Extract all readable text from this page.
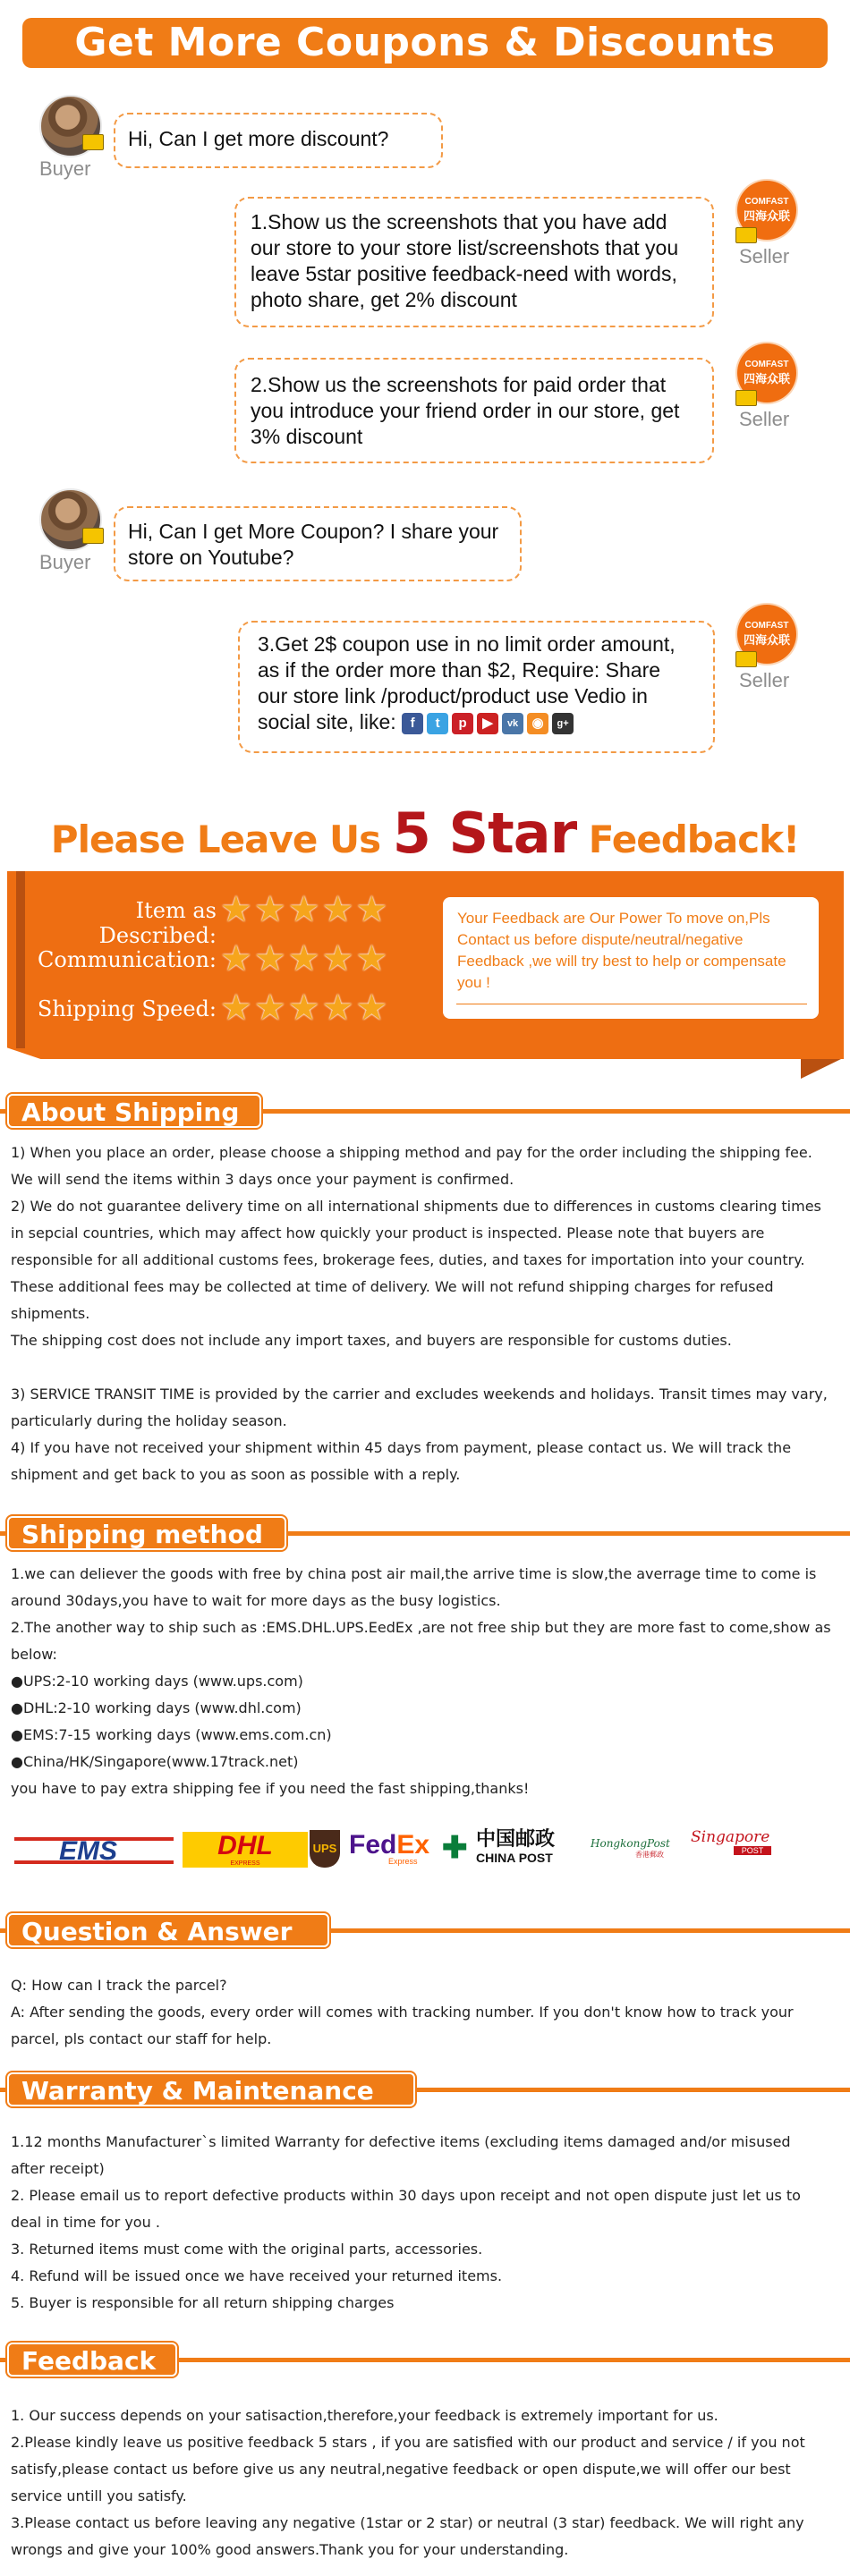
Get More Coupons & Discounts
Buyer
Hi, Can I get more discount?
1.Show us the screenshots that you have add our store to your store list/screenshots that you leave 5star positive feedback-need with words, photo share, get 2% discount
COMFAST
四海众联
Seller
2.Show us the screenshots for paid order that you introduce your friend order in our store, get 3% discount
COMFAST
四海众联
Seller
Buyer
Hi, Can I get More Coupon? I share your store on Youtube?
3.Get 2$ coupon use in no limit order amount, as if the order more than $2, Require: Share our store link /product/product use Vedio in social site, like:	f	t	p	▶	vk	◉	g+
COMFAST
四海众联
Seller
Please Leave Us 5 Star Feedback!
Item as Described:
★★★★★
Communication: ★★★★★
Shipping Speed: ★★★★★
Your Feedback are Our Power To move on,Pls Contact us before dispute/neutral/negative Feedback ,we will try best to help or compensate you !
About Shipping

1) When you place an order, please choose a shipping method and pay for the order including the shipping fee.

We will send the items within 3 days once your payment is confirmed.

2) We do not guarantee delivery time on all international shipments due to differences in customs clearing times

in sepcial countries, which may affect how quickly your product is inspected. Please note that buyers are

responsible for all additional customs fees, brokerage fees, duties, and taxes for importation into your country.

These additional fees may be collected at time of delivery. We will not refund shipping charges for refused

shipments.

The shipping cost does not include any import taxes, and buyers are responsible for customs duties.

3) SERVICE TRANSIT TIME is provided by the carrier and excludes weekends and holidays. Transit times may vary,

particularly during the holiday season.

4) If you have not received your shipment within 45 days from payment, please contact us. We will track the

shipment and get back to you as soon as possible with a reply.

Shipping method

1.we can deliever the goods with free by china post air mail,the arrive time is slow,the averrage time to come is

around 30days,you have to wait for more days as the busy logistics.

2.The another way to ship such as :EMS.DHL.UPS.EedEx ,are not free ship but they are more fast to come,show as

below:

●UPS:2-10 working days (www.ups.com)

●DHL:2-10 working days (www.dhl.com)

●EMS:7-15 working days (www.ems.com.cn)

●China/HK/Singapore(www.17track.net)

you have to pay extra shipping fee if you need the fast shipping,thanks!

EMS	DHL
EXPRESS
UPS FedEx
Express ✚ 中国邮政
CHINA POST
HongkongPost
香港郵政
Singapore
POST
Question & Answer

Q: How can I track the parcel?

A: After sending the goods, every order will comes with tracking number. If you don't know how to track your

parcel, pls contact our staff for help.

Warranty & Maintenance

1.12 months Manufacturer`s limited Warranty for defective items (excluding items damaged and/or misused

after receipt)

2. Please email us to report defective products within 30 days upon receipt and not open dispute just let us to

deal in time for you .

3. Returned items must come with the original parts, accessories.

4. Refund will be issued once we have received your returned items.

5. Buyer is responsible for all return shipping charges

Feedback

1. Our success depends on your satisaction,therefore,your feedback is extremely important for us.

2.Please kindly leave us positive feedback 5 stars , if you are satisfied with our product and service / if you not

satisfy,please contact us before give us any neutral,negative feedback or open dispute,we will offer our best

service untill you satisfy.

3.Please contact us before leaving any negative (1star or 2 star) or neutral (3 star) feedback. We will right any

wrongs and give your 100% good answers.Thank you for your understanding.
